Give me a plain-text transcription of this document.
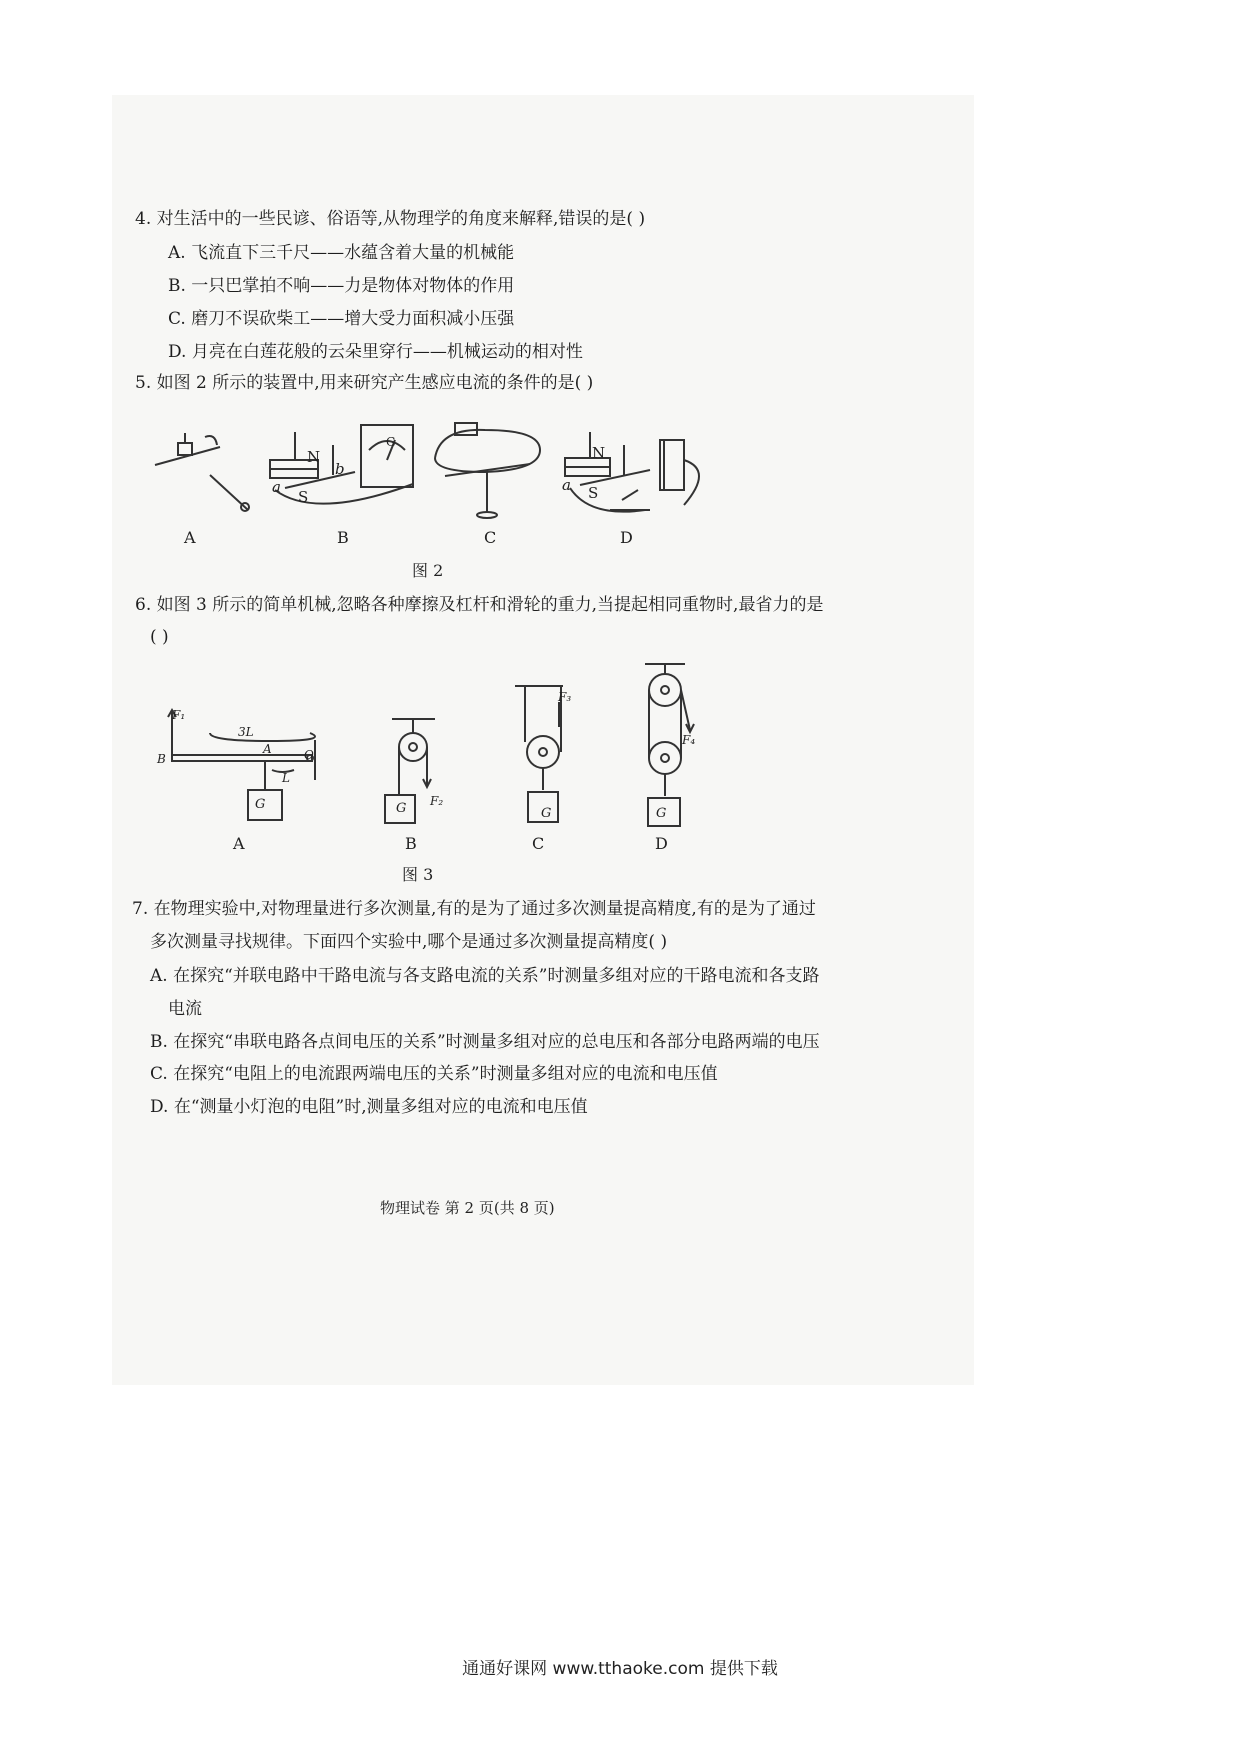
4. 对生活中的一些民谚、俗语等,从物理学的角度来解释,错误的是( )
A. 飞流直下三千尺——水蕴含着大量的机械能
B. 一只巴掌拍不响——力是物体对物体的作用
C. 磨刀不误砍柴工——增大受力面积减小压强
D. 月亮在白莲花般的云朵里穿行——机械运动的相对性
5. 如图 2 所示的装置中,用来研究产生感应电流的条件的是( )
N
S
a
b
G
N
S
a
A	B	C	D
图 2
6. 如图 3 所示的简单机械,忽略各种摩擦及杠杆和滑轮的重力,当提起相同重物时,最省力的是
( )
F₁
B
3L
A	O
L
G	G F₂
F₃
G
F₄
G
A	B	C	D
图 3
7. 在物理实验中,对物理量进行多次测量,有的是为了通过多次测量提高精度,有的是为了通过
多次测量寻找规律。下面四个实验中,哪个是通过多次测量提高精度( )
A. 在探究“并联电路中干路电流与各支路电流的关系”时测量多组对应的干路电流和各支路
电流
B. 在探究“串联电路各点间电压的关系”时测量多组对应的总电压和各部分电路两端的电压
C. 在探究“电阻上的电流跟两端电压的关系”时测量多组对应的电流和电压值
D. 在“测量小灯泡的电阻”时,测量多组对应的电流和电压值
物理试卷 第 2 页(共 8 页)
通通好课网 www.tthaoke.com 提供下载
